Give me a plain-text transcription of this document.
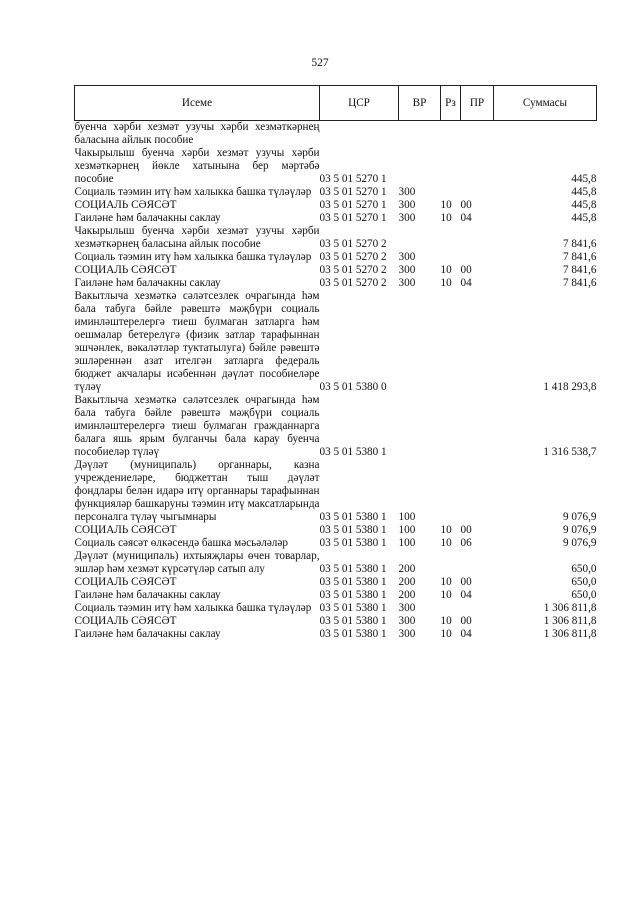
527
Исеме	ЦСР	ВР	Рз	ПР	Суммасы
буенча хәрби хезмәт узучы хәрби хезмәткәрнең баласына айлык пособие					
Чакырылыш буенча хәрби хезмәт узучы хәрби хезмәткәрнең йөкле хатынына бер мәртәбә пособие	03 5 01 5270 1				445,8
Социаль тәэмин итү һәм халыкка башка түләүләр	03 5 01 5270 1	300			445,8
СОЦИАЛЬ СӘЯСӘТ	03 5 01 5270 1	300	10	00	445,8
Гаиләне һәм балачакны саклау	03 5 01 5270 1	300	10	04	445,8
Чакырылыш буенча хәрби хезмәт узучы хәрби хезмәткәрнең баласына айлык пособие	03 5 01 5270 2				7 841,6
Социаль тәэмин итү һәм халыкка башка түләүләр	03 5 01 5270 2	300			7 841,6
СОЦИАЛЬ СӘЯСӘТ	03 5 01 5270 2	300	10	00	7 841,6
Гаиләне һәм балачакны саклау	03 5 01 5270 2	300	10	04	7 841,6
Вакытлыча хезмәткә сәләтсезлек очрагында һәм бала табуга бәйле рәвештә мәҗбүри социаль иминләштерелергә тиеш булмаган затларга һәм оешмалар бетерелүгә (физик затлар тарафыннан эшчәнлек, вәкаләтләр туктатылуга) бәйле рәвештә эшләреннән азат ителгән затларга федераль бюджет акчалары исәбеннән дәүләт пособиеләре түләү	03 5 01 5380 0				1 418 293,8
Вакытлыча хезмәткә сәләтсезлек очрагында һәм бала табуга бәйле рәвештә мәҗбүри социаль иминләштерелергә тиеш булмаган гражданнарга балага яшь ярым булганчы бала карау буенча пособиеләр түләү	03 5 01 5380 1				1 316 538,7
Дәүләт (муниципаль) органнары, казна учреждениеләре, бюджеттан тыш дәүләт фондлары белән идарә итү органнары тарафыннан функцияләр башкаруны тәэмин итү максатларында персоналга түләү чыгымнары	03 5 01 5380 1	100			9 076,9
СОЦИАЛЬ СӘЯСӘТ	03 5 01 5380 1	100	10	00	9 076,9
Социаль сәясәт өлкәсендә башка мәсьәләләр	03 5 01 5380 1	100	10	06	9 076,9
Дәүләт (муниципаль) ихтыяҗлары өчен товарлар, эшләр һәм хезмәт күрсәтүләр сатып алу	03 5 01 5380 1	200			650,0
СОЦИАЛЬ СӘЯСӘТ	03 5 01 5380 1	200	10	00	650,0
Гаиләне һәм балачакны саклау	03 5 01 5380 1	200	10	04	650,0
Социаль тәэмин итү һәм халыкка башка түләүләр	03 5 01 5380 1	300			1 306 811,8
СОЦИАЛЬ СӘЯСӘТ	03 5 01 5380 1	300	10	00	1 306 811,8
Гаиләне һәм балачакны саклау	03 5 01 5380 1	300	10	04	1 306 811,8
